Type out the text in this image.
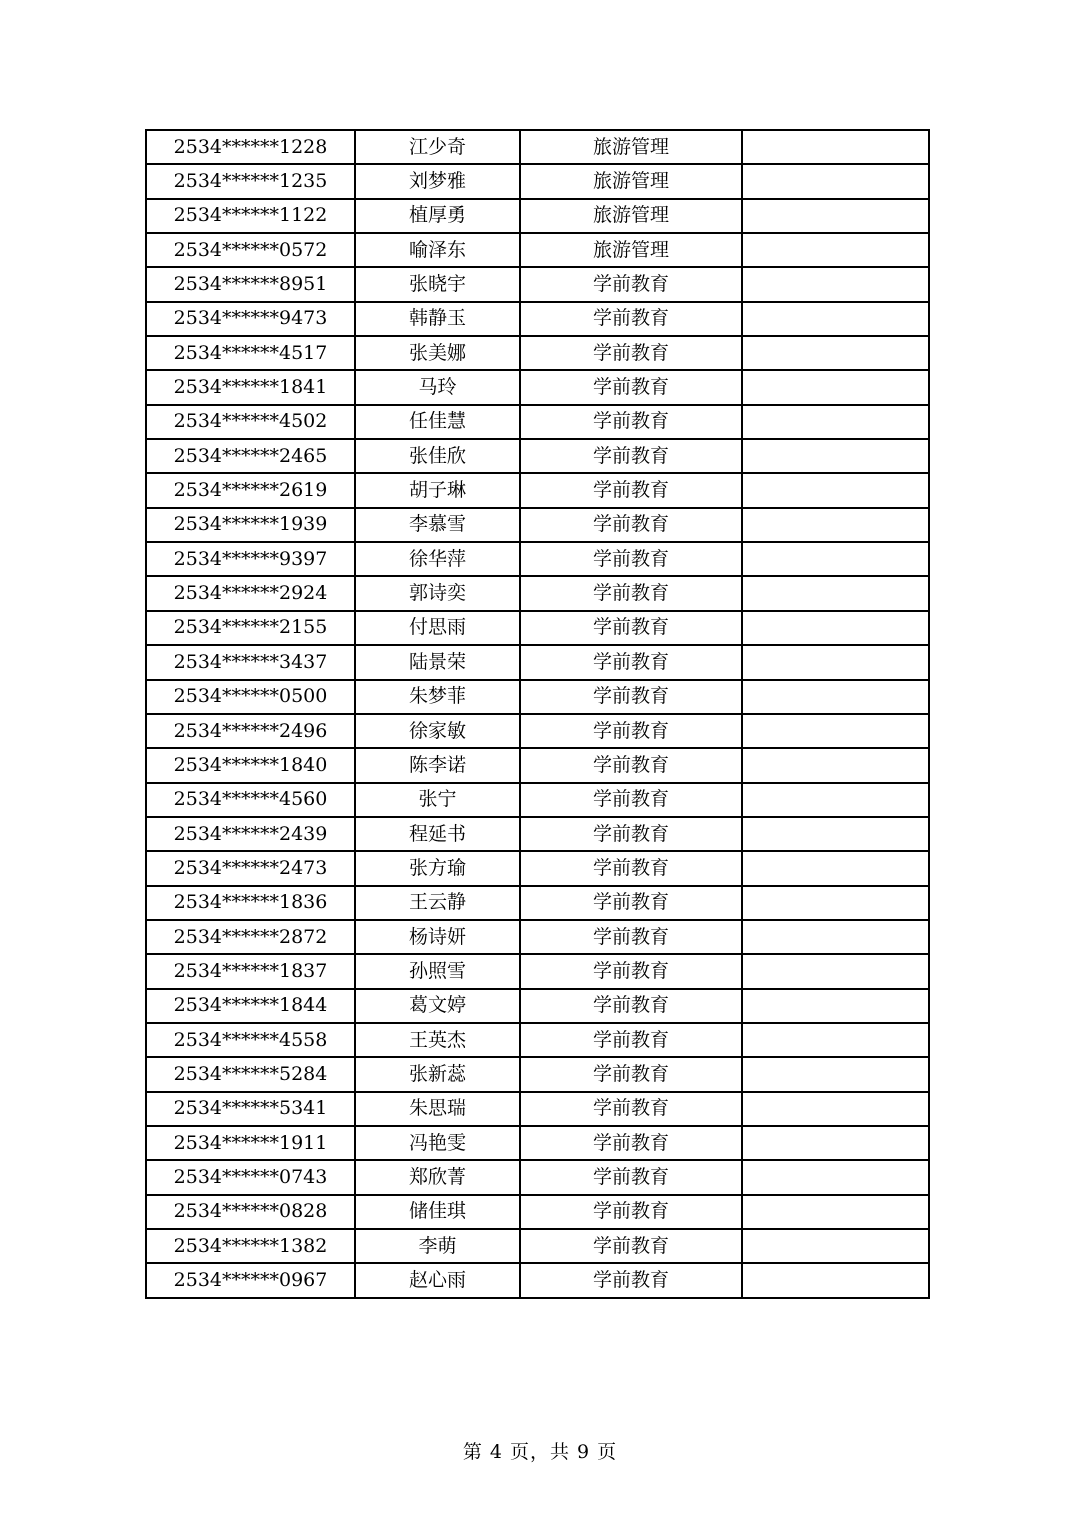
2534******1228	江少奇	旅游管理	
2534******1235	刘梦雅	旅游管理	
2534******1122	植厚勇	旅游管理	
2534******0572	喻泽东	旅游管理	
2534******8951	张晓宇	学前教育	
2534******9473	韩静玉	学前教育	
2534******4517	张美娜	学前教育	
2534******1841	马玲	学前教育	
2534******4502	任佳慧	学前教育	
2534******2465	张佳欣	学前教育	
2534******2619	胡子琳	学前教育	
2534******1939	李慕雪	学前教育	
2534******9397	徐华萍	学前教育	
2534******2924	郭诗奕	学前教育	
2534******2155	付思雨	学前教育	
2534******3437	陆景荣	学前教育	
2534******0500	朱梦菲	学前教育	
2534******2496	徐家敏	学前教育	
2534******1840	陈李诺	学前教育	
2534******4560	张宁	学前教育	
2534******2439	程延书	学前教育	
2534******2473	张方瑜	学前教育	
2534******1836	王云静	学前教育	
2534******2872	杨诗妍	学前教育	
2534******1837	孙照雪	学前教育	
2534******1844	葛文婷	学前教育	
2534******4558	王英杰	学前教育	
2534******5284	张新蕊	学前教育	
2534******5341	朱思瑞	学前教育	
2534******1911	冯艳雯	学前教育	
2534******0743	郑欣菁	学前教育	
2534******0828	储佳琪	学前教育	
2534******1382	李萌	学前教育	
2534******0967	赵心雨	学前教育	
第 4 页，共 9 页
